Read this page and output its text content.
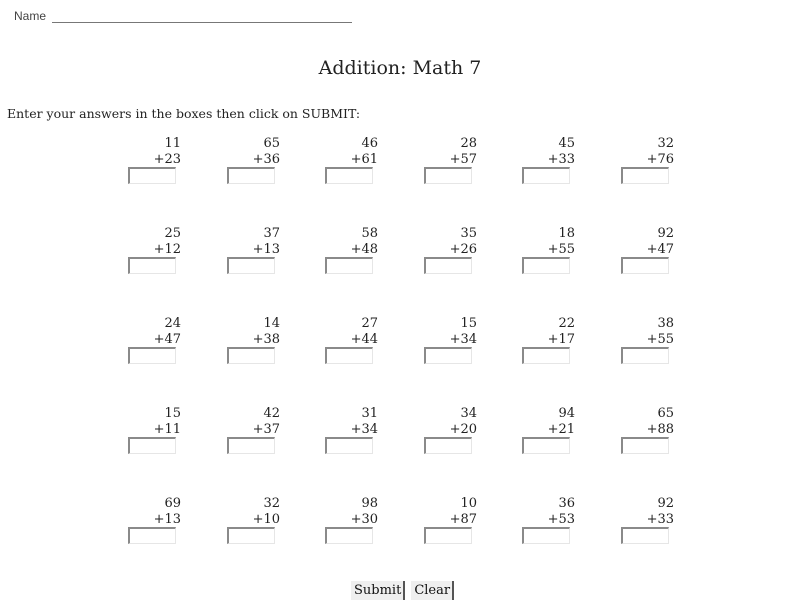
Name
Addition: Math 7
Enter your answers in the boxes then click on SUBMIT:
11
+23
65
+36
46
+61
28
+57
45
+33
32
+76
25
+12
37
+13
58
+48
35
+26
18
+55
92
+47
24
+47
14
+38
27
+44
15
+34
22
+17
38
+55
15
+11
42
+37
31
+34
34
+20
94
+21
65
+88
69
+13
32
+10
98
+30
10
+87
36
+53
92
+33
Submit	Clear
